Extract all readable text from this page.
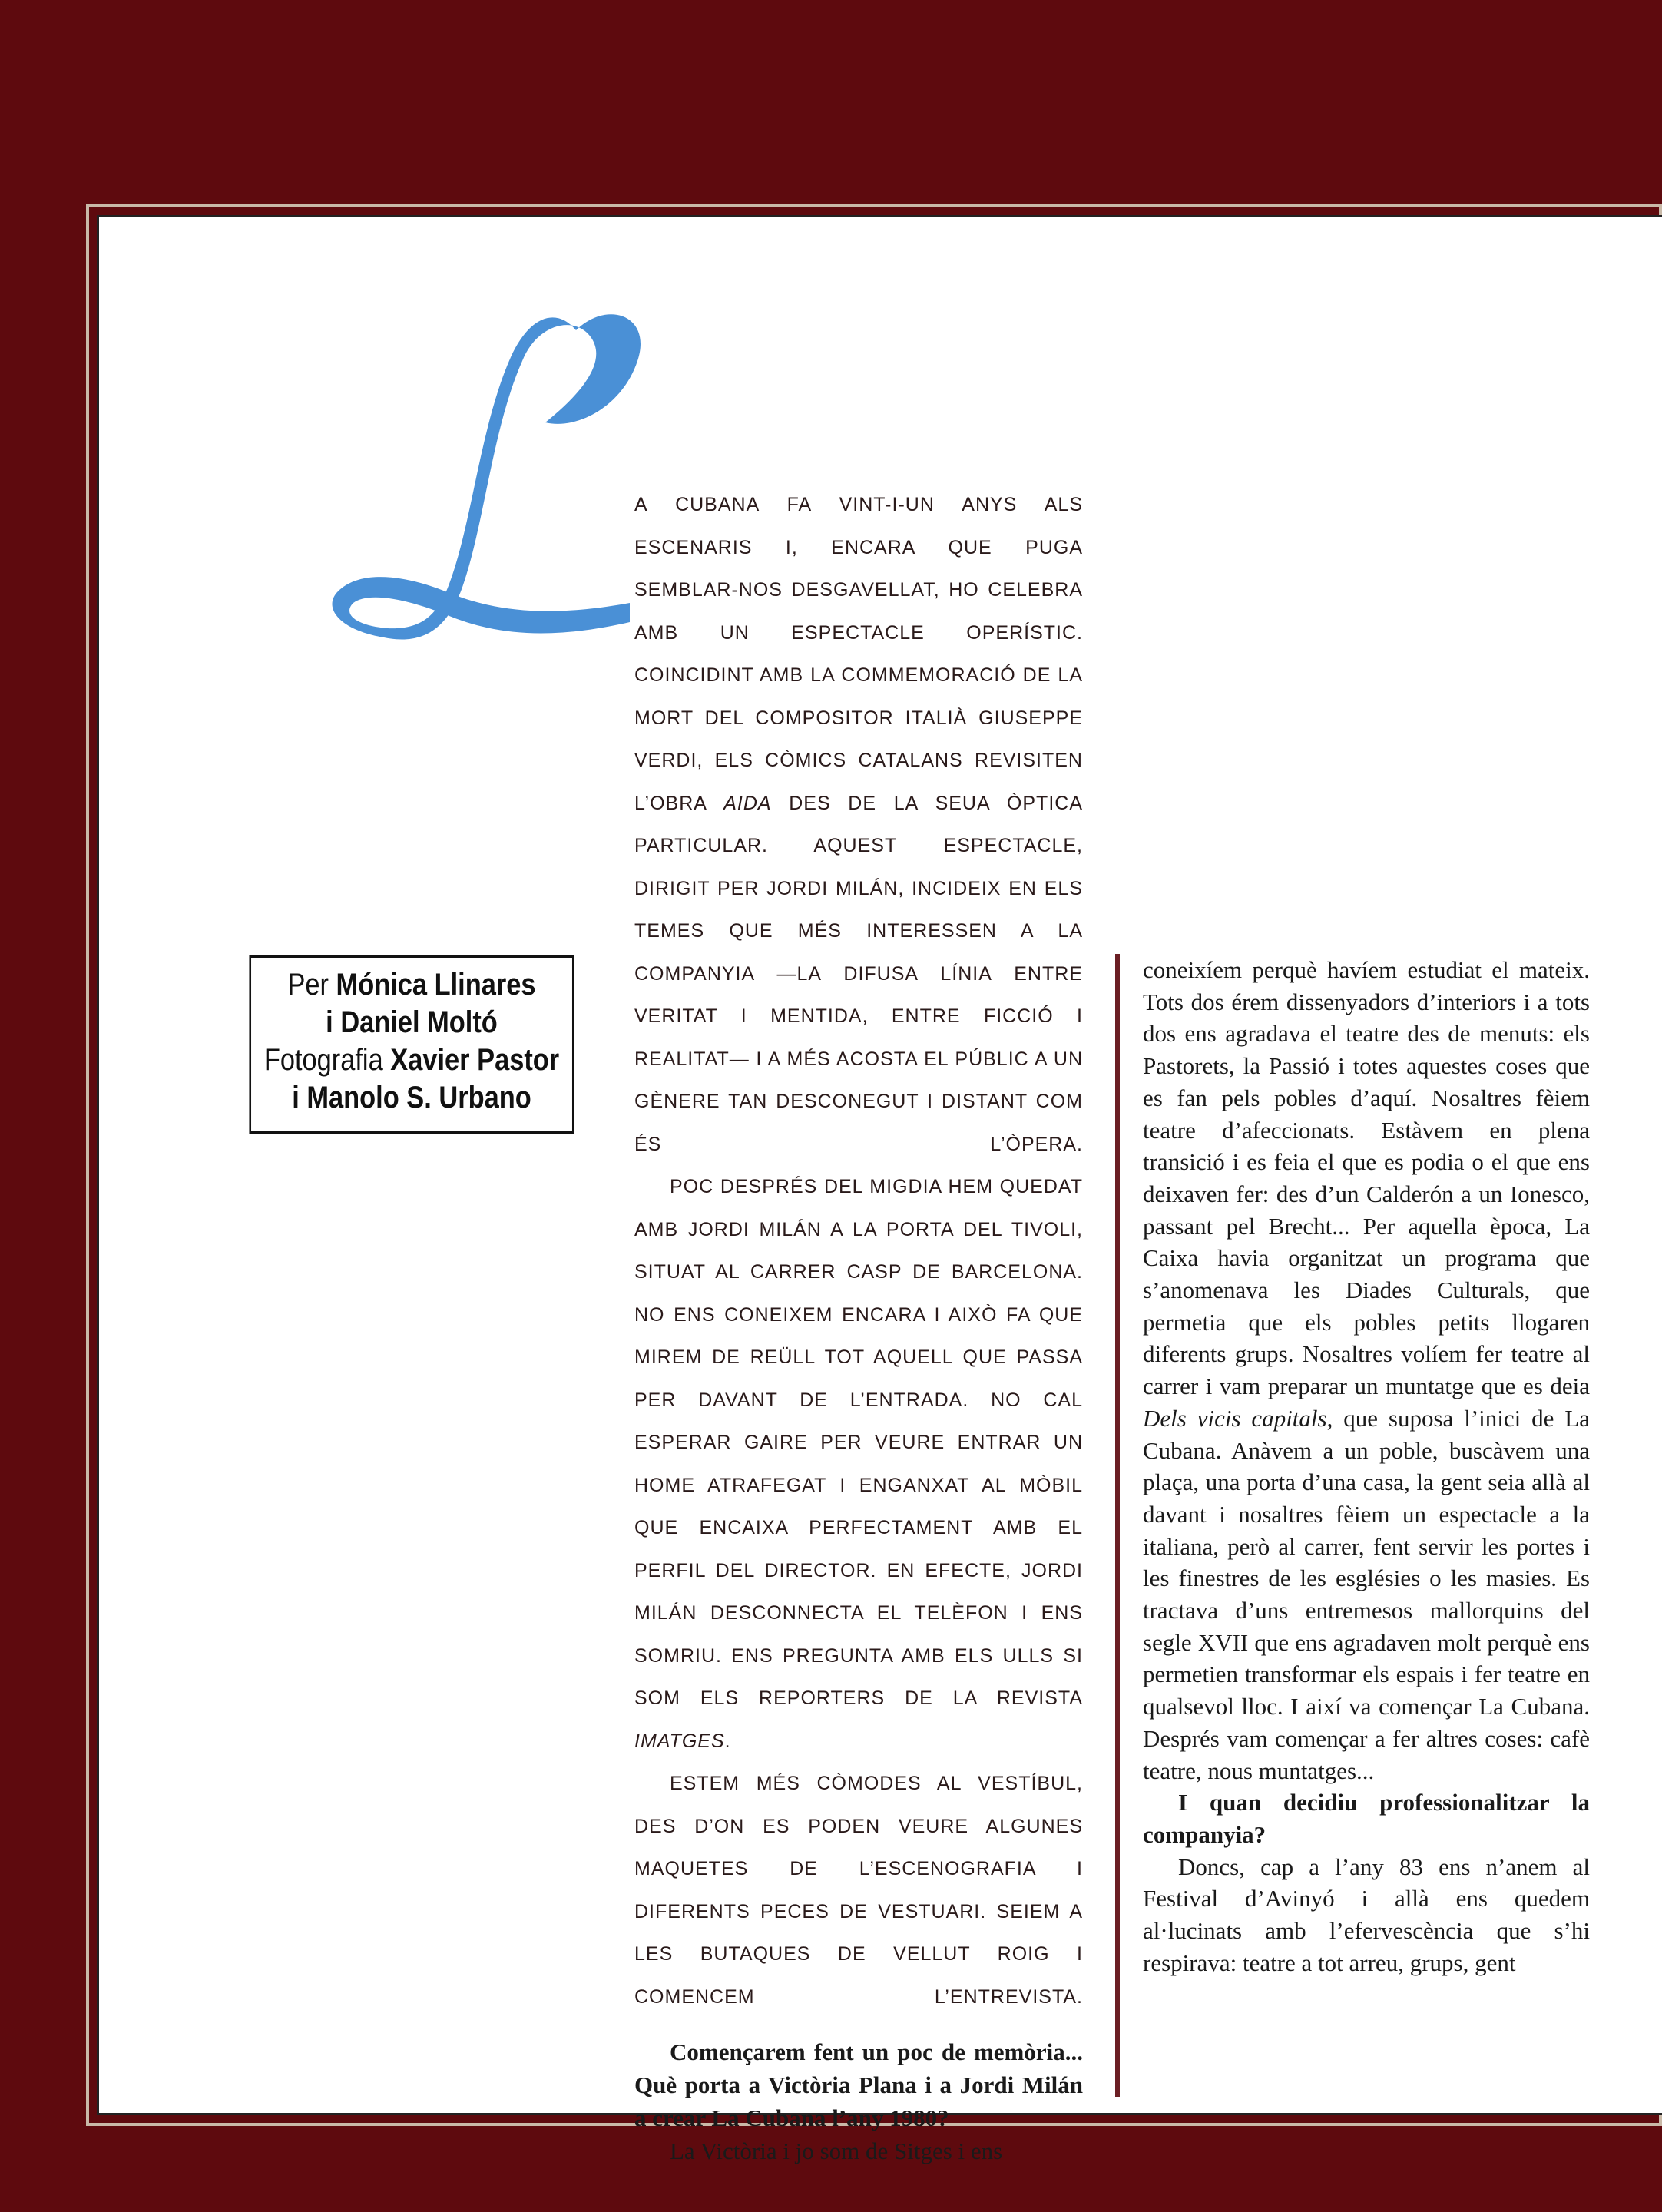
A CUBANA FA VINT-I-UN ANYS ALS ESCENARIS I, ENCARA QUE PUGA SEMBLAR-NOS DESGAVELLAT, HO CELEBRA AMB UN ESPECTACLE OPERÍSTIC. COINCIDINT AMB LA COMMEMORACIÓ DE LA MORT DEL COMPOSITOR ITALIÀ GIUSEPPE VERDI, ELS CÒMICS CATALANS REVISITEN L’OBRA AIDA DES DE LA SEUA ÒPTICA PARTICULAR. AQUEST ESPECTACLE, DIRIGIT PER JORDI MILÁN, INCIDEIX EN ELS TEMES QUE MÉS INTERESSEN A LA COMPANYIA —LA DIFUSA LÍNIA ENTRE VERITAT I MENTIDA, ENTRE FICCIÓ I REALITAT— I A MÉS ACOSTA EL PÚBLIC A UN GÈNERE TAN DESCONEGUT I DISTANT COM ÉS L’ÒPERA.

POC DESPRÉS DEL MIGDIA HEM QUEDAT AMB JORDI MILÁN A LA PORTA DEL TIVOLI, SITUAT AL CARRER CASP DE BARCELONA. NO ENS CONEIXEM ENCARA I AIXÒ FA QUE MIREM DE REÜLL TOT AQUELL QUE PASSA PER DAVANT DE L’ENTRADA. NO CAL ESPERAR GAIRE PER VEURE ENTRAR UN HOME ATRAFEGAT I ENGANXAT AL MÒBIL QUE ENCAIXA PERFECTAMENT AMB EL PERFIL DEL DIRECTOR. EN EFECTE, JORDI MILÁN DESCONNECTA EL TELÈFON I ENS SOMRIU. ENS PREGUNTA AMB ELS ULLS SI SOM ELS REPORTERS DE LA REVISTA IMATGES.

ESTEM MÉS CÒMODES AL VESTÍBUL, DES D’ON ES PODEN VEURE ALGUNES MAQUETES DE L’ESCENOGRAFIA I DIFERENTS PECES DE VESTUARI. SEIEM A LES BUTAQUES DE VELLUT ROIG I COMENCEM L’ENTREVISTA.

Començarem fent un poc de memòria... Què porta a Victòria Plana i a Jordi Milán a crear La Cubana l’any 1980?

La Victòria i jo som de Sitges i ens

Per Mónica Llinares
i Daniel Moltó
Fotografia Xavier Pastor
i Manolo S. Urbano

coneixíem perquè havíem estudiat el mateix. Tots dos érem dissenyadors d’interiors i a tots dos ens agradava el teatre des de menuts: els Pastorets, la Passió i totes aquestes coses que es fan pels pobles d’aquí. Nosaltres fèiem teatre d’afeccionats. Estàvem en plena transició i es feia el que es podia o el que ens deixaven fer: des d’un Calderón a un Ionesco, passant pel Brecht... Per aquella època, La Caixa havia organitzat un programa que s’anomenava les Diades Culturals, que permetia que els pobles petits llogaren diferents grups. Nosaltres volíem fer teatre al carrer i vam preparar un muntatge que es deia Dels vicis capitals, que suposa l’inici de La Cubana. Anàvem a un poble, buscàvem una plaça, una porta d’una casa, la gent seia allà al davant i nosaltres fèiem un espectacle a la italiana, però al carrer, fent servir les portes i les finestres de les esglésies o les masies. Es tractava d’uns entremesos mallorquins del segle XVII que ens agradaven molt perquè ens permetien transformar els espais i fer teatre en qualsevol lloc. I així va començar La Cubana. Després vam començar a fer altres coses: cafè teatre, nous muntatges...

I quan decidiu professionalitzar la companyia?

Doncs, cap a l’any 83 ens n’anem al Festival d’Avinyó i allà ens quedem al·lucinats amb l’efervescència que s’hi respirava: teatre a tot arreu, grups, gent
